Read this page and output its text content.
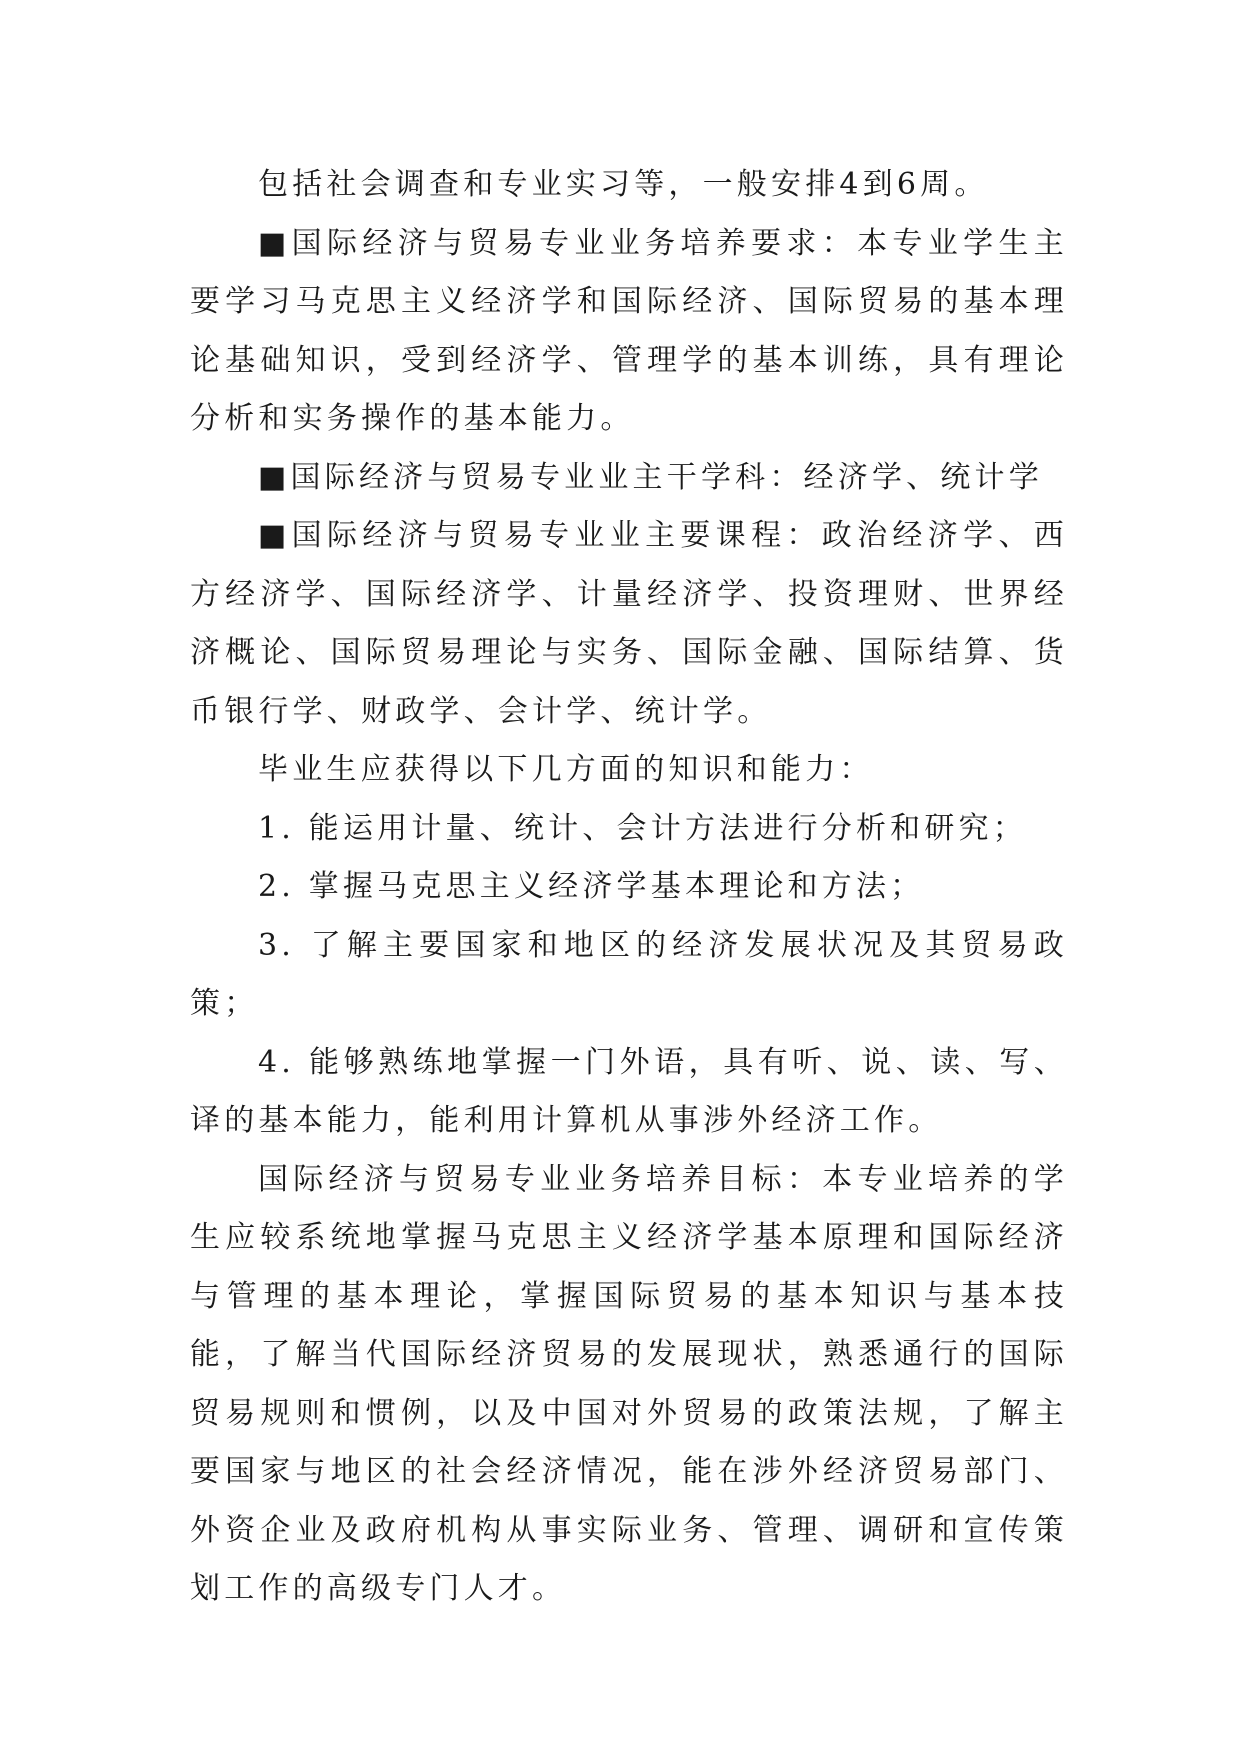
包括社会调查和专业实习等，一般安排4到6周。

■国际经济与贸易专业业务培养要求：本专业学生主要学习马克思主义经济学和国际经济、国际贸易的基本理论基础知识，受到经济学、管理学的基本训练，具有理论分析和实务操作的基本能力。

■国际经济与贸易专业业主干学科：经济学、统计学

■国际经济与贸易专业业主要课程：政治经济学、西方经济学、国际经济学、计量经济学、投资理财、世界经济概论、国际贸易理论与实务、国际金融、国际结算、货币银行学、财政学、会计学、统计学。

毕业生应获得以下几方面的知识和能力：

1. 能运用计量、统计、会计方法进行分析和研究；

2. 掌握马克思主义经济学基本理论和方法；

3. 了解主要国家和地区的经济发展状况及其贸易政策；

4. 能够熟练地掌握一门外语，具有听、说、读、写、译的基本能力，能利用计算机从事涉外经济工作。

国际经济与贸易专业业务培养目标：本专业培养的学生应较系统地掌握马克思主义经济学基本原理和国际经济与管理的基本理论，掌握国际贸易的基本知识与基本技能，了解当代国际经济贸易的发展现状，熟悉通行的国际贸易规则和惯例，以及中国对外贸易的政策法规，了解主要国家与地区的社会经济情况，能在涉外经济贸易部门、外资企业及政府机构从事实际业务、管理、调研和宣传策划工作的高级专门人才。
